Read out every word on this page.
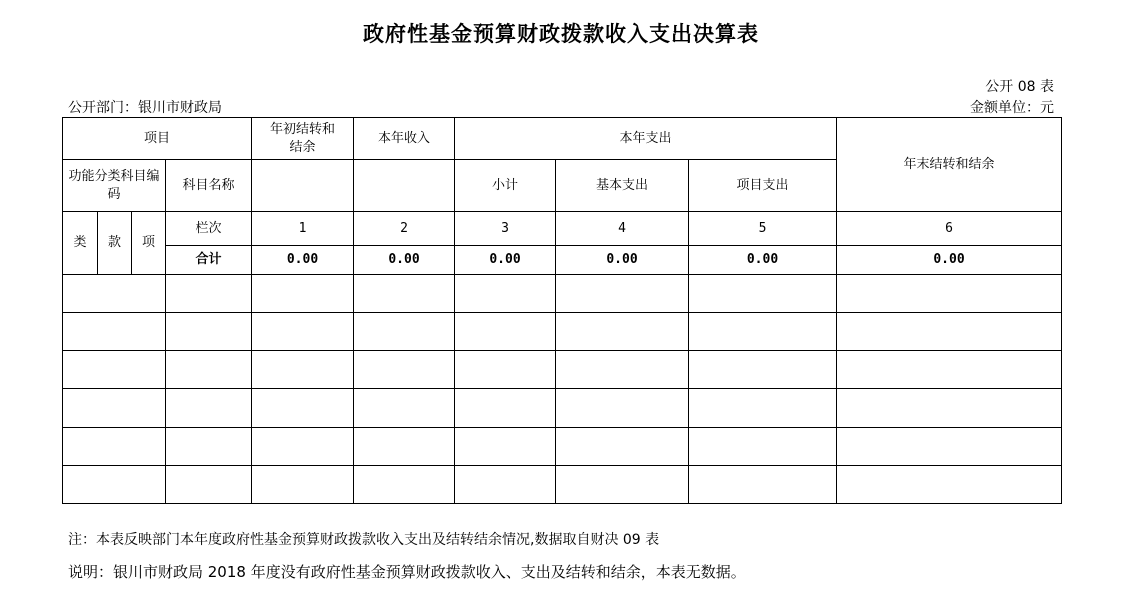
政府性基金预算财政拨款收入支出决算表
公开 08 表
公开部门：银川市财政局	金额单位：元
项目				年初结转和结余	本年收入	本年支出			年末结转和结余
功能分类科目编码			科目名称			小计	基本支出	项目支出	
类	款	项	栏次	1	2	3	4	5	6
			合计	0.00	0.00	0.00	0.00	0.00	0.00

注：本表反映部门本年度政府性基金预算财政拨款收入支出及结转结余情况,数据取自财决 09 表
说明：银川市财政局 2018 年度没有政府性基金预算财政拨款收入、支出及结转和结余，本表无数据。
